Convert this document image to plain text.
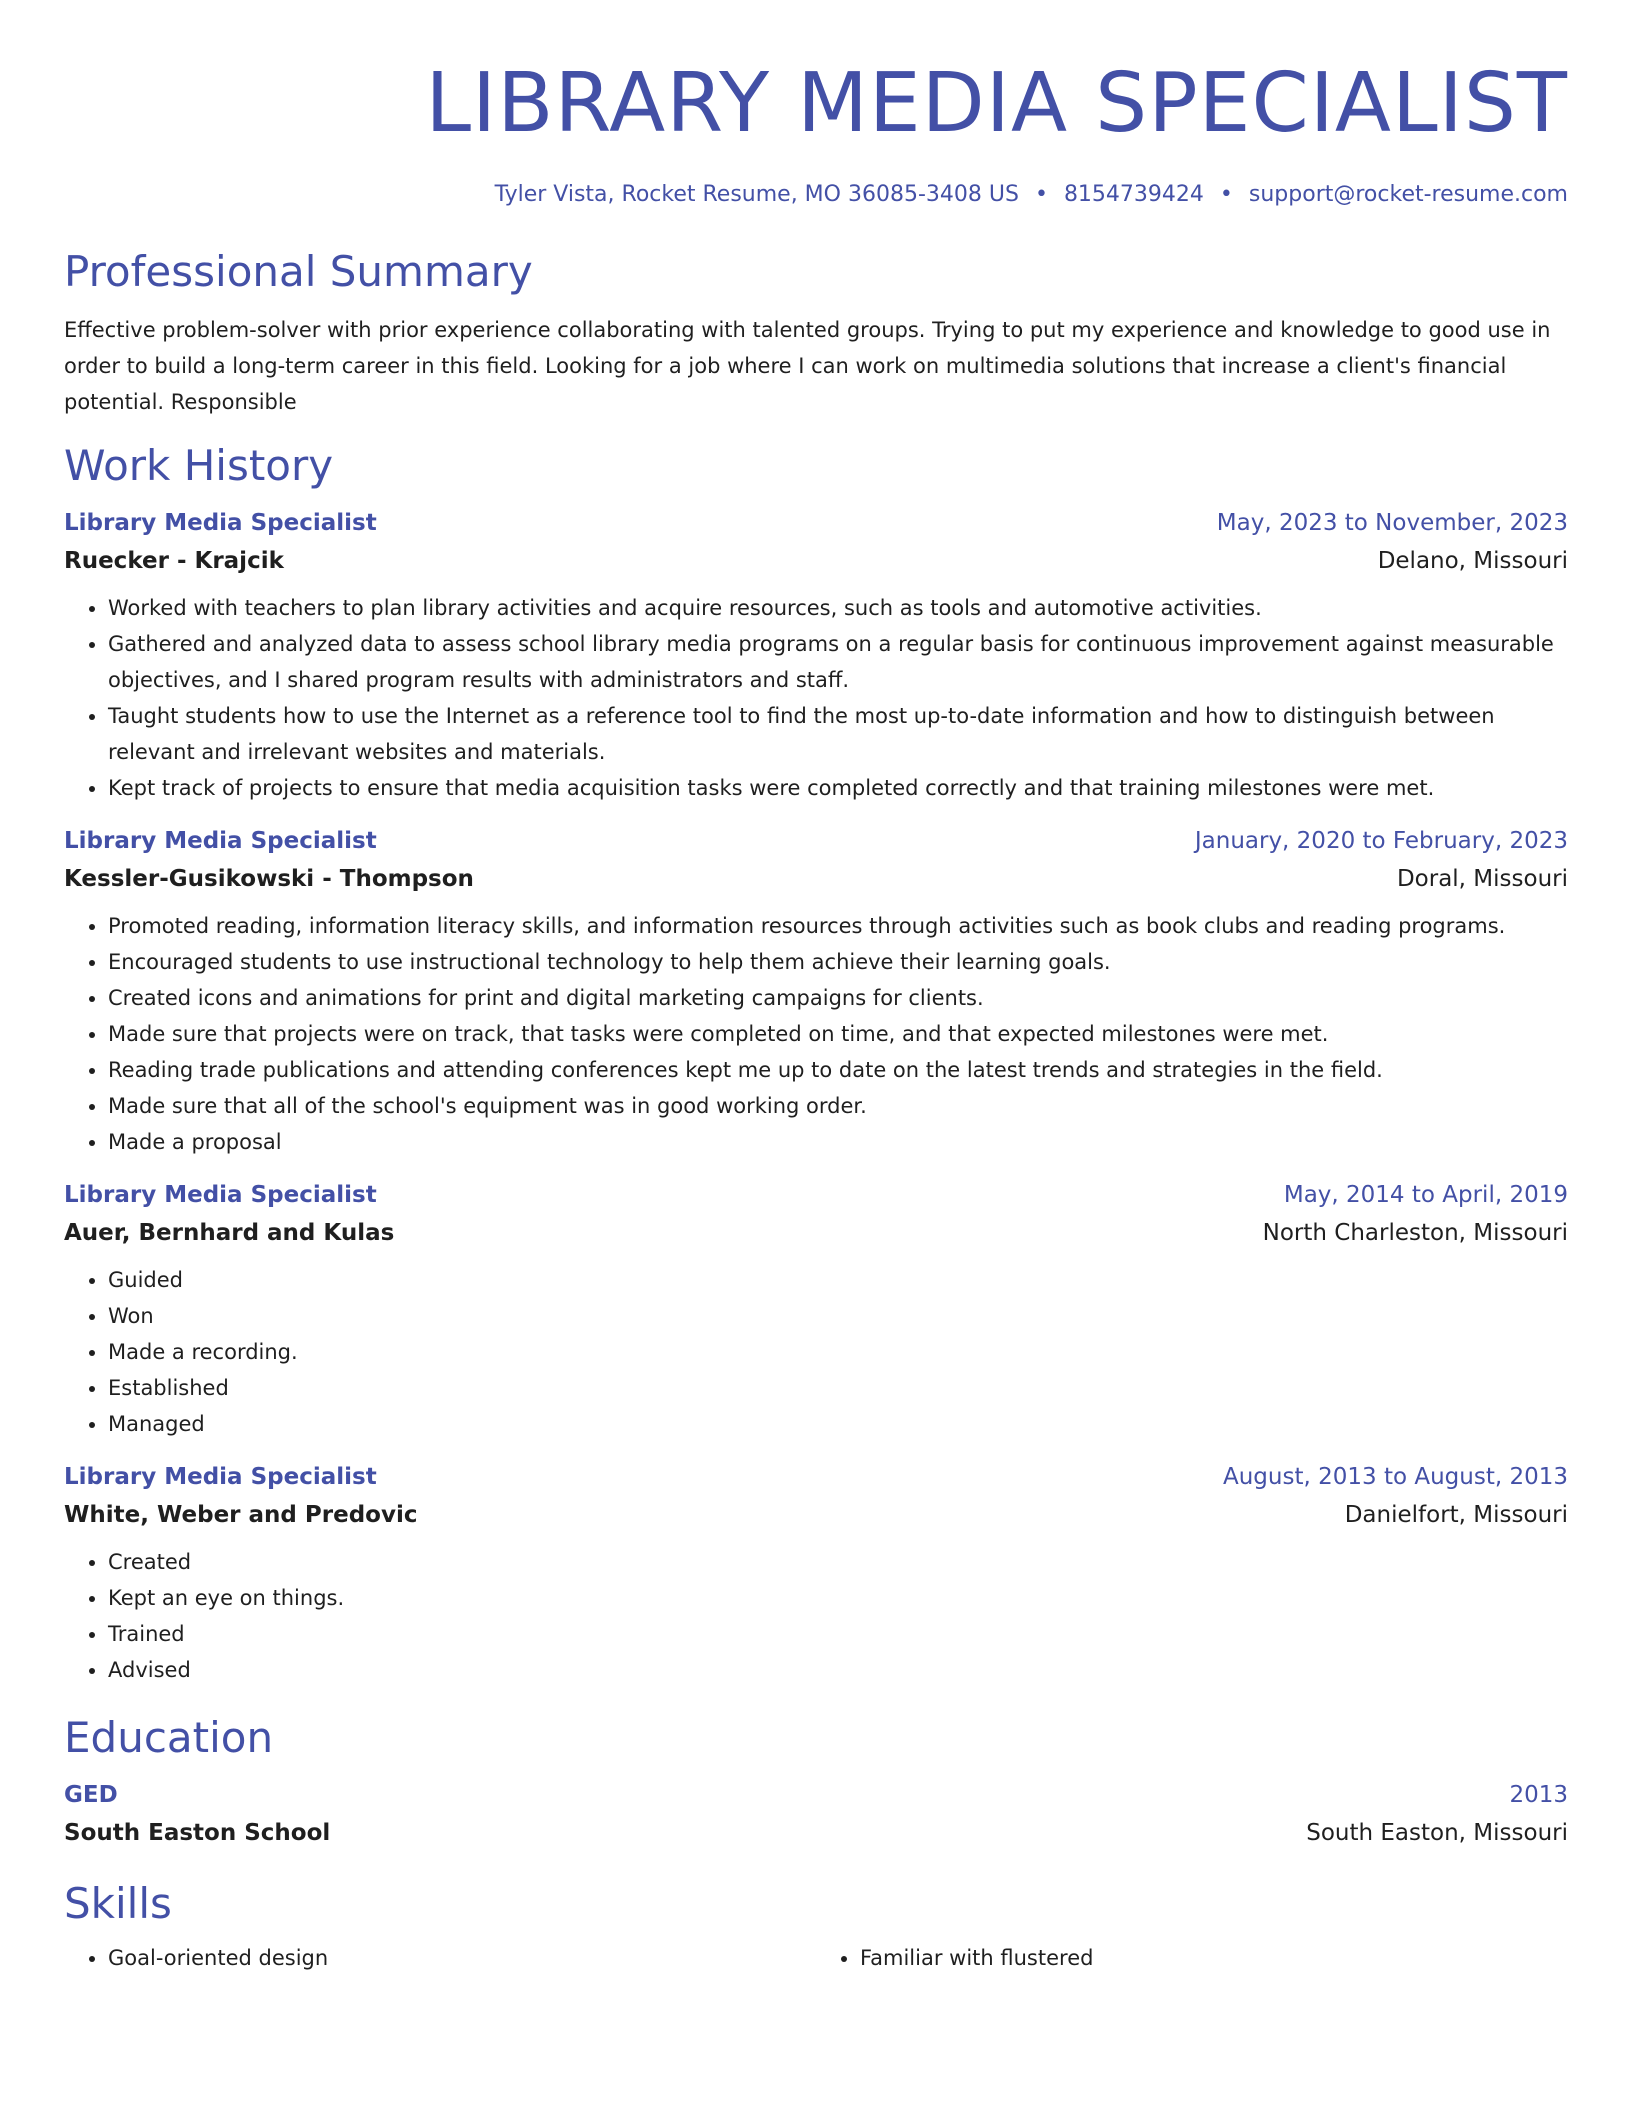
LIBRARY MEDIA SPECIALIST
Tyler Vista, Rocket Resume, MO 36085-3408 US • 8154739424 • support@rocket-resume.com
Professional Summary

Effective problem-solver with prior experience collaborating with talented groups. Trying to put my experience and knowledge to good use in order to build a long-term career in this field. Looking for a job where I can work on multimedia solutions that increase a client's financial potential. Responsible

Work History
Library Media Specialist	May, 2023 to November, 2023
Ruecker - Krajcik	Delano, Missouri
• Worked with teachers to plan library activities and acquire resources, such as tools and automotive activities.
• Gathered and analyzed data to assess school library media programs on a regular basis for continuous improvement against measurable objectives, and I shared program results with administrators and staff.
• Taught students how to use the Internet as a reference tool to find the most up-to-date information and how to distinguish between relevant and irrelevant websites and materials.
• Kept track of projects to ensure that media acquisition tasks were completed correctly and that training milestones were met.
Library Media Specialist	January, 2020 to February, 2023
Kessler-Gusikowski - Thompson	Doral, Missouri
• Promoted reading, information literacy skills, and information resources through activities such as book clubs and reading programs.
• Encouraged students to use instructional technology to help them achieve their learning goals.
• Created icons and animations for print and digital marketing campaigns for clients.
• Made sure that projects were on track, that tasks were completed on time, and that expected milestones were met.
• Reading trade publications and attending conferences kept me up to date on the latest trends and strategies in the field.
• Made sure that all of the school's equipment was in good working order.
• Made a proposal
Library Media Specialist	May, 2014 to April, 2019
Auer, Bernhard and Kulas	North Charleston, Missouri
• Guided
• Won
• Made a recording.
• Established
• Managed
Library Media Specialist	August, 2013 to August, 2013
White, Weber and Predovic	Danielfort, Missouri
• Created
• Kept an eye on things.
• Trained
• Advised
Education
GED	2013
South Easton School	South Easton, Missouri
Skills
• Goal-oriented design
•	Familiar with flustered
